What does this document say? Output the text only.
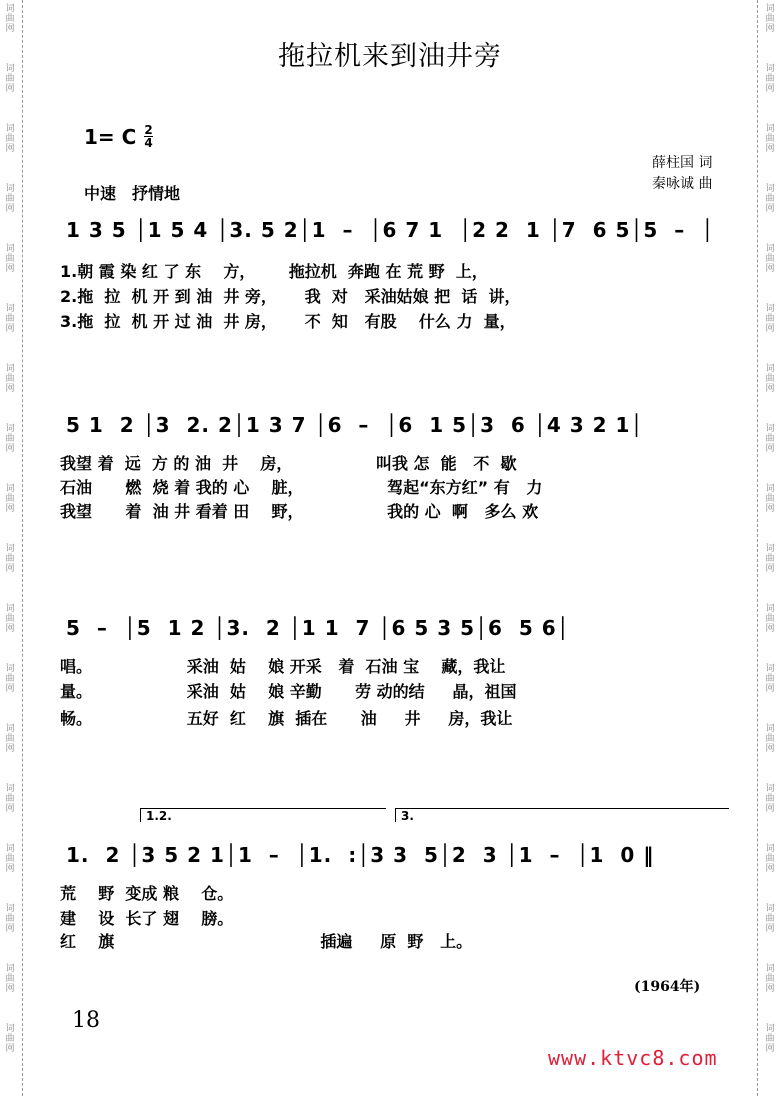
词
曲
网
词
曲
网
词
曲
网
词
曲
网
词
曲
网
词
曲
网
词
曲
网
词
曲
网
词
曲
网
词
曲
网
词
曲
网
词
曲
网
词
曲
网
词
曲
网
词
曲
网
词
曲
网
词
曲
网
词
曲
网
词
曲
网
词
曲
网
词
曲
网
词
曲
网
词
曲
网
词
曲
网
词
曲
网
词
曲
网
词
曲
网
词
曲
网
词
曲
网
词
曲
网
词
曲
网
词
曲
网
词
曲
网
词
曲
网
词
曲
网
词
曲
网
拖拉机来到油井旁
1= C 2
4
中速　抒情地
薛柱国 词
秦咏诚 曲
1 3 5 │1 5 4 │3. 5 2│1  –  │6 7 1  │2 2  1 │7  6 5│5  –  │
1.朝 霞 染 红 了 东    方，      拖拉机  奔跑 在 荒 野  上，
2.拖  拉  机 开 到 油  井 旁，     我  对   采油姑娘 把  话  讲，
3.拖  拉  机 开 过 油  井 房，     不  知   有股    什么 力  量，
5 1  2 │3  2. 2│1 3 7 │6  –  │6  1 5│3  6 │4 3 2 1│
我望 着  远  方 的 油  井    房，               叫我 怎  能   不  歇
石油      燃  烧 着 我的 心    脏，               驾起“东方红” 有   力
我望      着  油 井 看着 田    野，               我的 心  啊   多么 欢
5  –  │5  1 2 │3.  2 │1 1  7 │6 5 3 5│6  5 6│
唱。                 采油  姑    娘 开采   着  石油 宝    藏，我让
量。                 采油  姑    娘 辛勤      劳 动的结     晶，祖国
畅。                 五好  红    旗  插在      油     井     房，我让
1.2.	3.
1.  2 │3 5 2 1│1  –  │1.  :│3 3  5│2  3 │1  –  │1  0 ‖
荒    野  变成 粮    仓。
建    设  长了 翅    膀。
红    旗                                     插遍     原  野   上。
(1964年)
18
www.ktvc8.com
